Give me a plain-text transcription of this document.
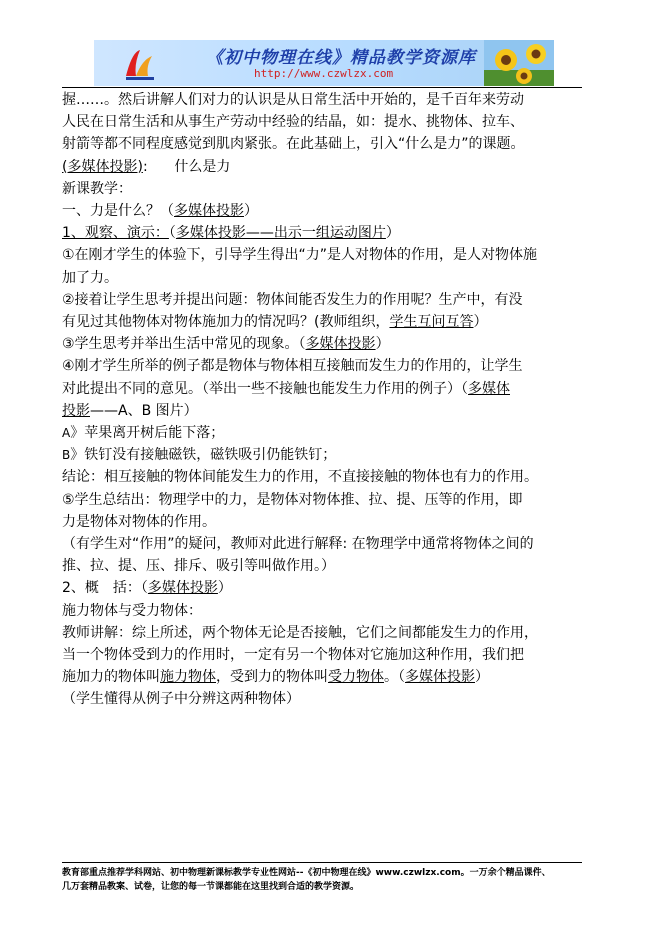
《初中物理在线》精品教学资源库
http://www.czwlzx.com

握……。然后讲解人们对力的认识是从日常生活中开始的，是千百年来劳动

人民在日常生活和从事生产劳动中经验的结晶，如：提水、挑物体、拉车、

射箭等都不同程度感觉到肌肉紧张。在此基础上，引入“什么是力”的课题。

(多媒体投影):      什么是力

新课教学：

一、力是什么？（多媒体投影）

1、观察、演示：（多媒体投影——出示一组运动图片）

①在刚才学生的体验下，引导学生得出“力”是人对物体的作用，是人对物体施

加了力。

②接着让学生思考并提出问题：物体间能否发生力的作用呢？生产中，有没

有见过其他物体对物体施加力的情况吗？(教师组织，学生互问互答）

③学生思考并举出生活中常见的现象。（多媒体投影）

④刚才学生所举的例子都是物体与物体相互接触而发生力的作用的，让学生

对此提出不同的意见。（举出一些不接触也能发生力作用的例子）（多媒体

投影——A、B 图片）

A》苹果离开树后能下落；

B》铁钉没有接触磁铁，磁铁吸引仍能铁钉；

结论：相互接触的物体间能发生力的作用，不直接接触的物体也有力的作用。

⑤学生总结出：物理学中的力，是物体对物体推、拉、提、压等的作用，即

力是物体对物体的作用。

（有学生对“作用”的疑问，教师对此进行解释: 在物理学中通常将物体之间的

推、拉、提、压、排斥、吸引等叫做作用。）

2、概　括：（多媒体投影）

施力物体与受力物体：

教师讲解：综上所述，两个物体无论是否接触，它们之间都能发生力的作用，

当一个物体受到力的作用时，一定有另一个物体对它施加这种作用，我们把

施加力的物体叫施力物体，受到力的物体叫受力物体。（多媒体投影）

（学生懂得从例子中分辨这两种物体）

教育部重点推荐学科网站、初中物理新课标教学专业性网站--《初中物理在线》www.czwlzx.com。一万余个精品课件、

几万套精品教案、试卷，让您的每一节课都能在这里找到合适的教学资源。
